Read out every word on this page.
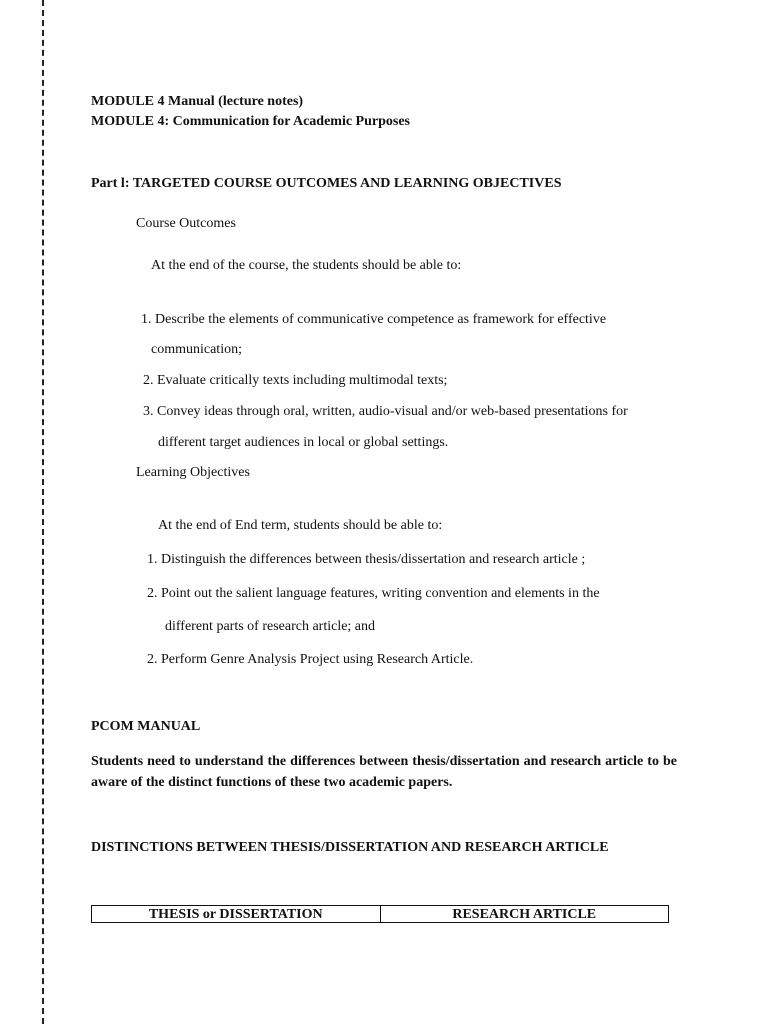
MODULE 4 Manual (lecture notes)
MODULE 4: Communication for Academic Purposes
Part l: TARGETED COURSE OUTCOMES AND LEARNING OBJECTIVES
Course Outcomes
At the end of the course, the students should be able to:
1. Describe the elements of communicative competence as framework for effective
communication;
2. Evaluate critically texts including multimodal texts;
3. Convey ideas through oral, written, audio-visual and/or web-based presentations for
different target audiences in local or global settings.
Learning Objectives
At the end of End term, students should be able to:
1. Distinguish the differences between thesis/dissertation and research article ;
2. Point out the salient language features, writing convention and elements in the
different parts of research article; and
2. Perform Genre Analysis Project using Research Article.
PCOM MANUAL
Students need to understand the differences between thesis/dissertation and research article to be aware of the distinct functions of these two academic papers.
DISTINCTIONS BETWEEN THESIS/DISSERTATION AND RESEARCH ARTICLE
THESIS or DISSERTATION	RESEARCH ARTICLE
